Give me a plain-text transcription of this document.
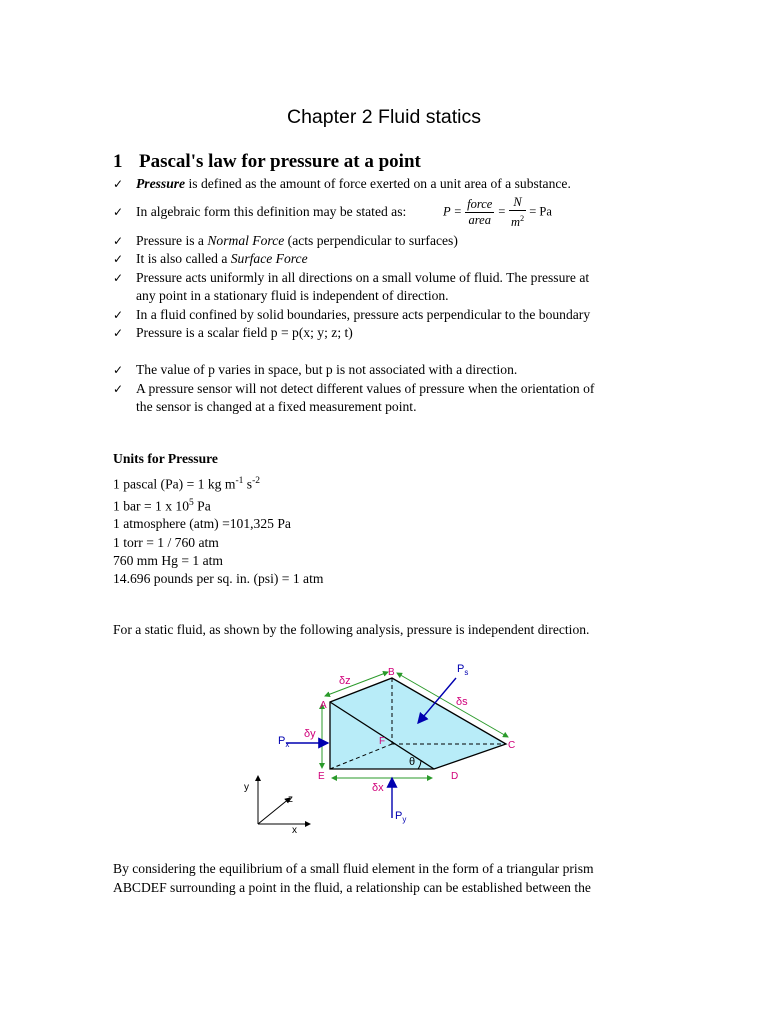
Chapter 2 Fluid statics
1 Pascal's law for pressure at a point
✓ Pressure is defined as the amount of force exerted on a unit area of a substance.
✓ In algebraic form this definition may be stated as:	$P = \frac{\text{force}}{\text{area}} = \frac{N}{m^2} = Pa$
✓ Pressure is a Normal Force (acts perpendicular to surfaces)
✓ It is also called a Surface Force
✓ Pressure acts uniformly in all directions on a small volume of fluid. The pressure at
any point in a stationary fluid is independent of direction.
✓ In a fluid confined by solid boundaries, pressure acts perpendicular to the boundary
✓ Pressure is a scalar field p = p(x; y; z; t)
✓ The value of p varies in space, but p is not associated with a direction.
✓ A pressure sensor will not detect different values of pressure when the orientation of
the sensor is changed at a fixed measurement point.
Units for Pressure
1 pascal (Pa) = 1 kg $m^{-1}$ $s^{-2}$
1 bar = 1 x $10^5$ Pa
1 atmosphere (atm) =101,325 Pa
1 torr = 1 / 760 atm
760 mm Hg = 1 atm
14.696 pounds per sq. in. (psi) = 1 atm
For a static fluid, as shown by the following analysis, pressure is independent direction.
A
B
C
D
E
F
δz
δy
δx
δs
θ
$P_s$
$P_x$
$P_y$
y
z
x
By considering the equilibrium of a small fluid element in the form of a triangular prism
ABCDEF surrounding a point in the fluid, a relationship can be established between the
